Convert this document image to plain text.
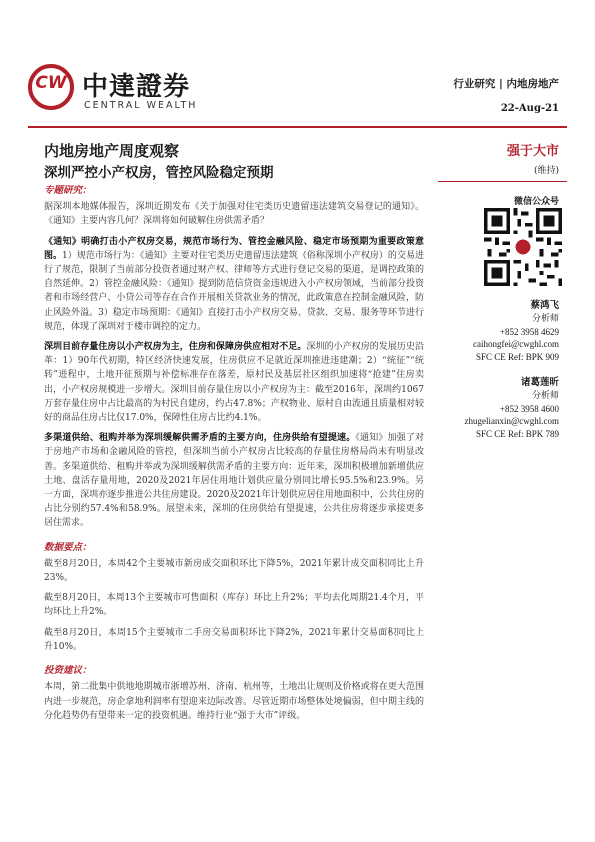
CW 中達證券
CENTRAL WEALTH
行业研究 | 内地房地产
22-Aug-21
内地房地产周度观察
深圳严控小产权房，管控风险稳定预期
强于大市
(维持)
专题研究：

据深圳本地媒体报告，深圳近期发布《关于加强对住宅类历史遗留违法建筑交易登记的通知》。《通知》主要内容几何？深圳将如何破解住房供需矛盾？

《通知》明确打击小产权房交易，规范市场行为、管控金融风险、稳定市场预期为重要政策意图。1）规范市场行为：《通知》主要对住宅类历史遗留违法建筑（俗称深圳小产权房）的交易进行了规范，限制了当前部分投资者通过财产权、律师等方式进行登记交易的渠道，是调控政策的自然延伸。2）管控金融风险：《通知》提到防范信贷资金违规进入小产权房领域，当前部分投资者和市场经营户、小贷公司等存在合作开展相关贷款业务的情况，此政策意在控制金融风险，防止风险外溢。3）稳定市场预期：《通知》直接打击小产权房交易、贷款、交易、服务等环节进行规范，体现了深圳对于楼市调控的定力。

深圳目前存量住房以小产权房为主，住房和保障房供应相对不足。深圳的小产权房的发展历史沿革：1）90年代初期，特区经济快速发展，住房供应不足就近深圳推进违建潮；2）“统征”“统转”进程中，土地开征预期与补偿标准存在落差，原村民及基层社区组织加速将“抢建”住房卖出，小产权房规模进一步增大。深圳目前存量住房以小产权房为主：截至2016年，深圳约1067万套存量住房中占比最高的为村民自建房，约占47.8%；产权物业、原村自由流通且质量相对较好的商品住房占比仅17.0%，保障性住房占比约4.1%。

多渠道供给、租购并举为深圳缓解供需矛盾的主要方向，住房供给有望提速。《通知》加强了对于房地产市场和金融风险的管控，但深圳当前小产权房占比较高的存量住房格局尚未有明显改善。多渠道供给、租购并举或为深圳缓解供需矛盾的主要方向：近年来，深圳积极增加新增供应土地、盘活存量用地，2020及2021年居住用地计划供应量分别同比增长95.5%和23.9%。另一方面，深圳亦逐步推进公共住房建设。2020及2021年计划供应居住用地面积中，公共住房的占比分别约57.4%和58.9%。展望未来，深圳的住房供给有望提速，公共住房将逐步承接更多居住需求。

数据要点：

截至8月20日，本周42个主要城市新房成交面积环比下降5%，2021年累计成交面积同比上升23%。

截至8月20日，本周13个主要城市可售面积（库存）环比上升2%；平均去化周期21.4个月，平均环比上升2%。

截至8月20日，本周15个主要城市二手房交易面积环比下降2%，2021年累计交易面积同比上升10%。

投资建议：

本周，第二批集中供地地期城市浙增苏州、济南、杭州等，土地出让规则及价格或将在更大范围内进一步规范，房企拿地利润率有望迎来边际改善。尽管近期市场整体处境偏弱，但中期主线的分化趋势仍有望带来一定的投资机遇。维持行业“强于大市”评级。

微信公众号
蔡鸿飞
分析师
+852 3958 4629
caihongfei@cwghl.com
SFC CE Ref: BPK 909
诸葛莲昕
分析师
+852 3958 4600
zhugelianxin@cwghl.com
SFC CE Ref: BPK 789
